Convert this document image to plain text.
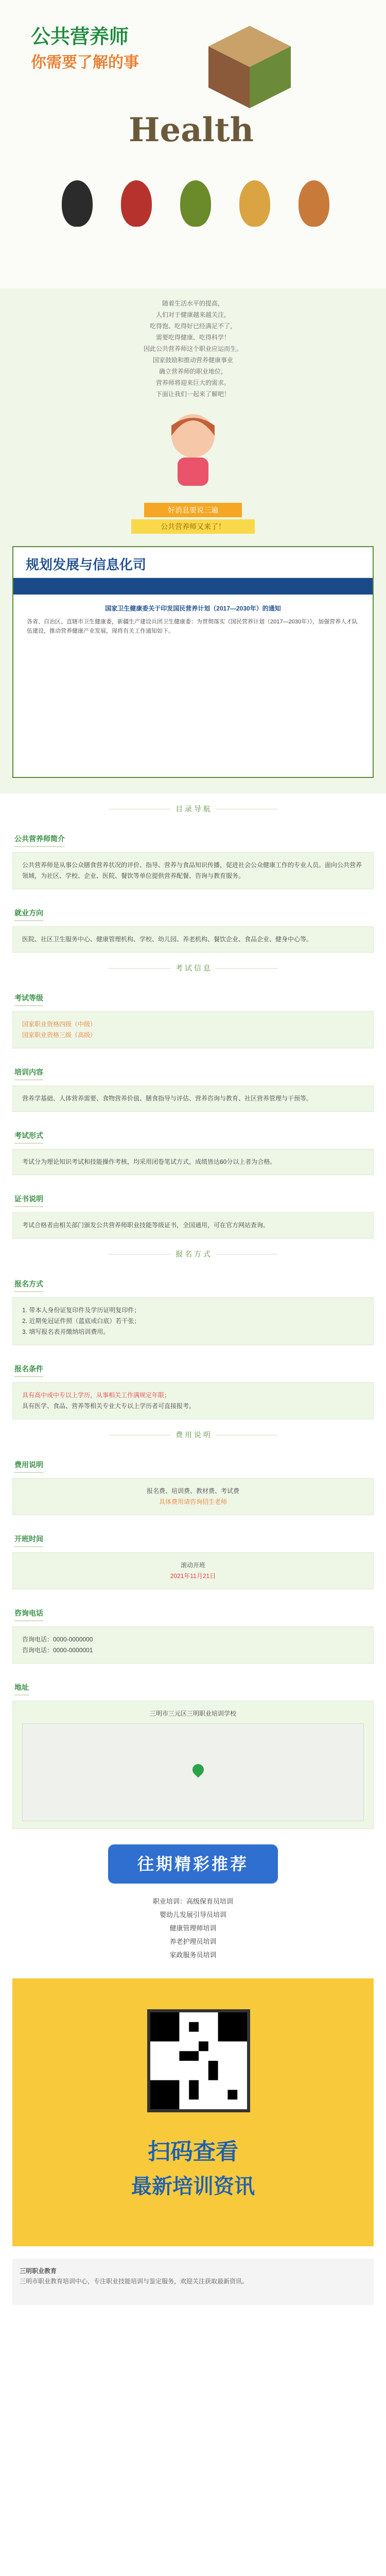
公共营养师
你需要了解的事
Health
随着生活水平的提高，
人们对于健康越来越关注，
吃得饱、吃得好已经满足不了，
需要吃得健康、吃得科学！
因此公共营养师这个职业应运而生。
国家鼓励和推动营养健康事业
确立营养师的职业地位，
营养师将迎来巨大的需求。
下面让我们一起来了解吧！
好消息要说三遍
公共营养师又来了！
规划发展与信息化司
国家卫生健康委关于印发国民营养计划（2017—2030年）的通知
各省、自治区、直辖市卫生健康委，新疆生产建设兵团卫生健康委：为贯彻落实《国民营养计划（2017—2030年）》，加强营养人才队伍建设，推动营养健康产业发展，现将有关工作通知如下。
目 录 导 航
公共营养师简介
公共营养师是从事公众膳食营养状况的评价、指导、营养与食品知识传播，促进社会公众健康工作的专业人员。面向公共营养领域，为社区、学校、企业、医院、餐饮等单位提供营养配餐、咨询与教育服务。
就业方向
医院、社区卫生服务中心、健康管理机构、学校、幼儿园、养老机构、餐饮企业、食品企业、健身中心等。
考 试 信 息
考试等级
国家职业资格四级（中级）
国家职业资格三级（高级）
培训内容
营养学基础、人体营养需要、食物营养价值、膳食指导与评估、营养咨询与教育、社区营养管理与干预等。
考试形式
考试分为理论知识考试和技能操作考核，均采用闭卷笔试方式，成绩皆达60分以上者为合格。
证书说明
考试合格者由相关部门颁发公共营养师职业技能等级证书，全国通用，可在官方网站查询。
报 名 方 式
报名方式
1. 带本人身份证复印件及学历证明复印件；
2. 近期免冠证件照（蓝底或白底）若干张；
3. 填写报名表并缴纳培训费用。
报名条件
具有高中或中专以上学历，从事相关工作满规定年限；
具有医学、食品、营养等相关专业大专以上学历者可直接报考。
费 用 说 明
费用说明
报名费、培训费、教材费、考试费
具体费用请咨询招生老师
开班时间
滚动开班
2021年11月21日
咨询电话
咨询电话：0000-0000000
咨询电话：0000-0000001
地址
三明市三元区三明职业培训学校
往期精彩推荐
职业培训：高级保育员培训
婴幼儿发展引导员培训
健康管理师培训
养老护理员培训
家政服务员培训
扫码查看
最新培训资讯
三明职业教育
三明市职业教育培训中心，专注职业技能培训与鉴定服务，欢迎关注获取最新资讯。
